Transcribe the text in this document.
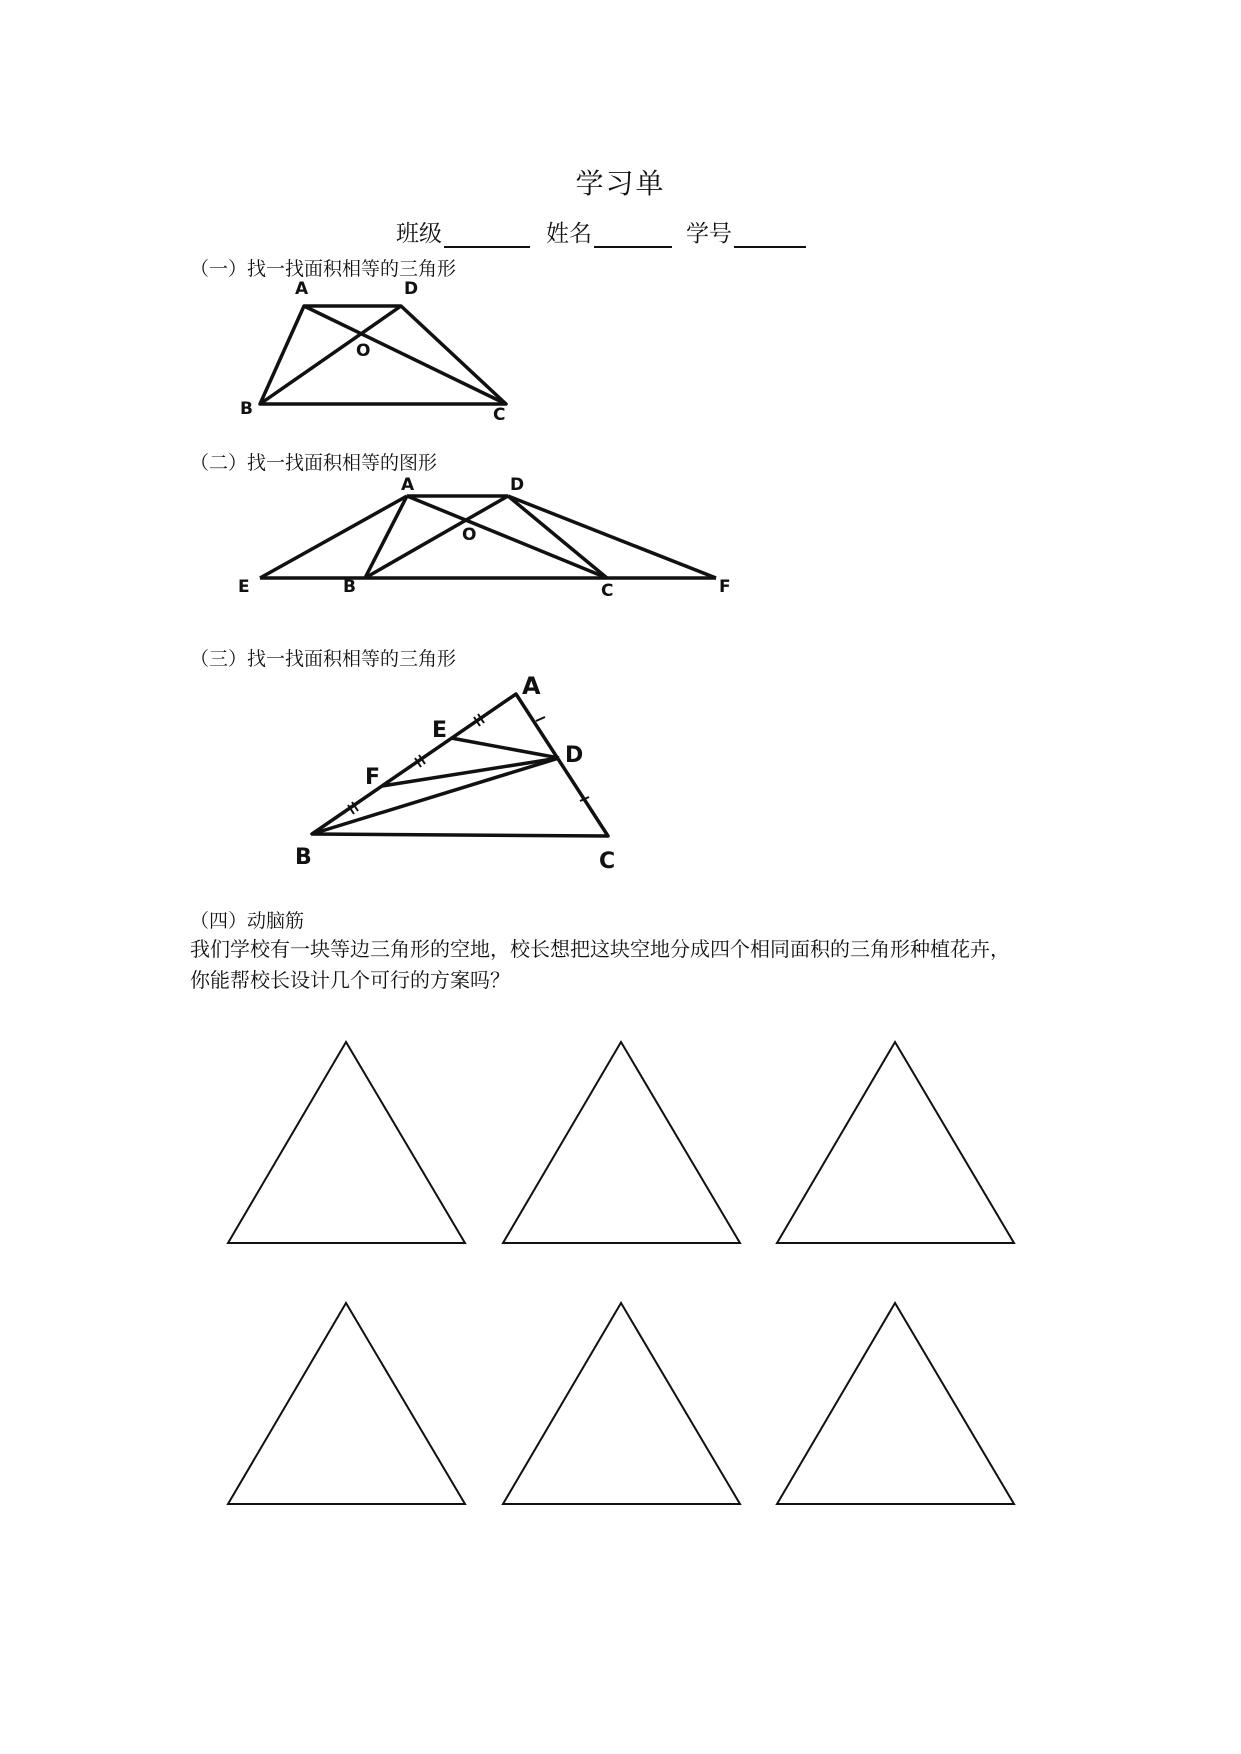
学习单
班级	姓名	学号
（一）找一找面积相等的三角形
A	D
O
B	C
A	D
O
E	B	C	F
A
E
D
F
B	C
（二）找一找面积相等的图形
（三）找一找面积相等的三角形
（四）动脑筋
我们学校有一块等边三角形的空地，校长想把这块空地分成四个相同面积的三角形种植花卉，
你能帮校长设计几个可行的方案吗？
